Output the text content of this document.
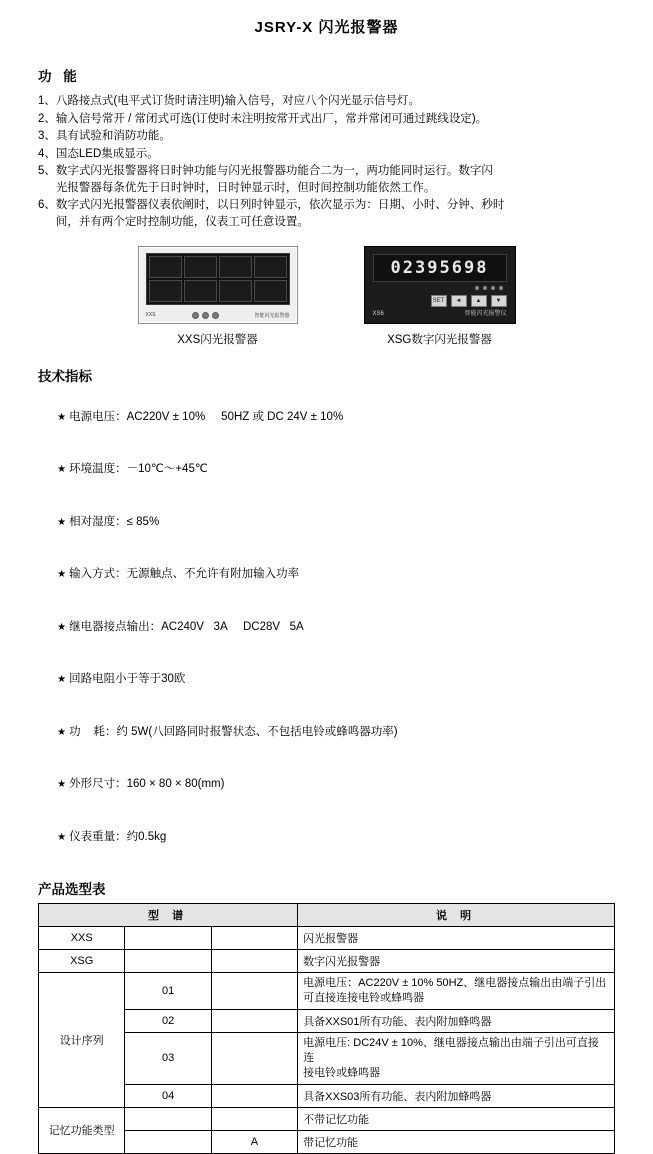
JSRY-X 闪光报警器
功 能
1、 八路接点式(电平式订货时请注明)输入信号，对应八个闪光显示信号灯。
2、 输入信号常开 / 常闭式可选(订使时未注明按常开式出厂，常并常闭可通过跳线设定)。
3、 具有试验和消防功能。
4、 国态LED集成显示。
5、 数字式闪光报警器将日时钟功能与闪光报警器功能合二为一，两功能同时运行。数字闪
光报警器每条优先于日时钟时，日时钟显示时，但时间控制功能依然工作。
6、 数字式闪光报警器仪表依阐时，以日列时钟显示，依次显示为：日期、小时、分钟、秒时
间，并有两个定时控制功能，仪表工可任意设置。
XXS	智能闪光报警器
XXS闪光报警器
02395698
SET	◄	▲	▼
XS6	智能闪光报警仪
XSG数字闪光报警器
技术指标

★ 电源电压：AC220V ± 10%     50HZ 或 DC 24V ± 10%

★ 环境温度：－10℃～+45℃

★ 相对湿度：≤ 85%

★ 输入方式：无源触点、不允许有附加输入功率

★ 继电器接点输出：AC240V   3A     DC28V   5A

★ 回路电阻小于等于30欧

★ 功    耗：约 5W(八回路同时报警状态、不包括电铃或蜂鸣器功率)

★ 外形尺寸：160 × 80 × 80(mm)

★ 仪表重量：约0.5kg

产品选型表
型 谱			说 明
XXS			闪光报警器
XSG			数字闪光报警器
设计序列	01		电源电压：AC220V ± 10% 50HZ、继电器接点输出由端子引出
可直接连接电铃或蜂鸣器
	02		具备XXS01所有功能、表内附加蜂鸣器
	03		电源电压: DC24V ± 10%、继电器接点输出由端子引出可直接连
接电铃或蜂鸣器
	04		具备XXS03所有功能、表内附加蜂鸣器
记忆功能类型			不带记忆功能
		A	带记忆功能
